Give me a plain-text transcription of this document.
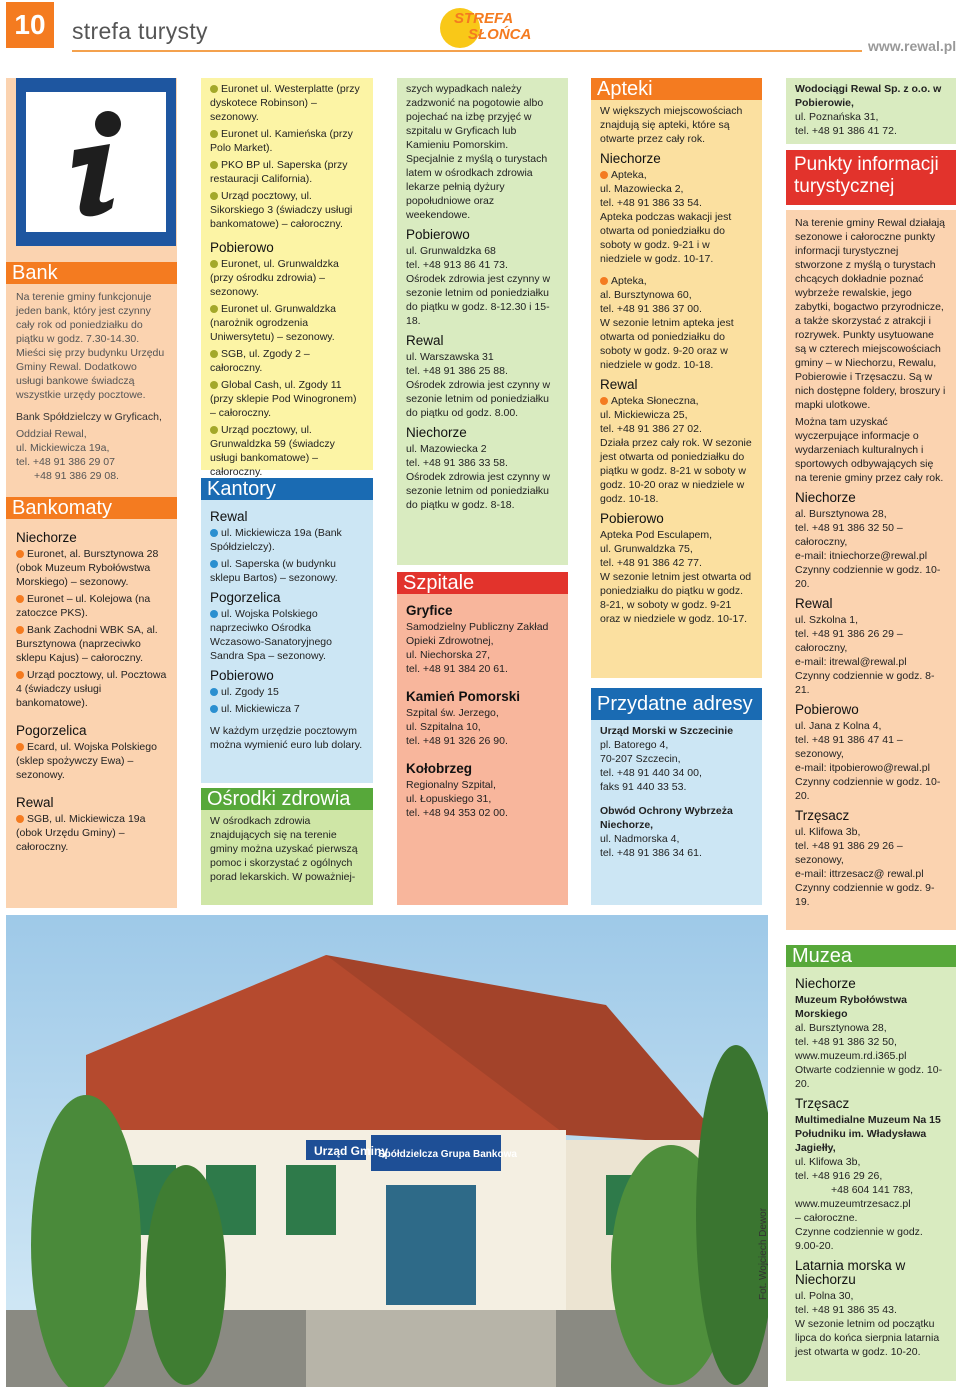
10	strefa turysty	STREFA
SŁOŃCA
www.rewal.pl
Bank

Na terenie gminy funkcjonuje jeden bank, który jest czynny cały rok od poniedziałku do piątku w godz. 7.30-14.30. Mieści się przy budynku Urzędu Gminy Rewal. Dodatkowo usługi bankowe świadczą wszystkie urzędy pocztowe.

Bank Spółdzielczy w Gryficach,

Oddział Rewal,
ul. Mickiewicza 19a,
tel. +48 91 386 29 07
+48 91 386 29 08.
Bankomaty
Niechorze

Euronet, al. Bursztynowa 28 (obok Muzeum Rybołówstwa Morskiego) – sezonowy.

Euronet – ul. Kolejowa (na zatoczce PKS).

Bank Zachodni WBK SA, al. Bursztynowa (naprzeciwko sklepu Kajus) – całoroczny.

Urząd pocztowy, ul. Pocztowa 4 (świadczy usługi bankomatowe).

Pogorzelica

Ecard, ul. Wojska Polskiego (sklep spożywczy Ewa) – sezonowy.

Rewal

SGB, ul. Mickiewicza 19a (obok Urzędu Gminy) – całoroczny.

Euronet ul. Westerplatte (przy dyskotece Robinson) – sezonowy.

Euronet ul. Kamieńska (przy Polo Market).

PKO BP ul. Saperska (przy restauracji California).

Urząd pocztowy, ul. Sikorskiego 3 (świadczy usługi bankomatowe) – całoroczny.

Pobierowo

Euronet, ul. Grunwaldzka (przy ośrodku zdrowia) – sezonowy.

Euronet ul. Grunwaldzka (narożnik ogrodzenia Uniwersytetu) – sezonowy.

SGB, ul. Zgody 2 – całoroczny.

Global Cash, ul. Zgody 11 (przy sklepie Pod Winogronem) – całoroczny.

Urząd pocztowy, ul. Grunwaldzka 59 (świadczy usługi bankomatowe) – całoroczny.

Kantory
Rewal

ul. Mickiewicza 19a (Bank Spółdzielczy).

ul. Saperska (w budynku sklepu Bartos) – sezonowy.

Pogorzelica

ul. Wojska Polskiego naprzeciwko Ośrodka Wczasowo-Sanatoryjnego Sandra Spa – sezonowy.

Pobierowo

ul. Zgody 15

ul. Mickiewicza 7

W każdym urzędzie pocztowym można wymienić euro lub dolary.

Ośrodki zdrowia

W ośrodkach zdrowia znajdujących się na terenie gminy można uzyskać pierwszą pomoc i skorzystać z ogólnych porad lekarskich. W poważniej-

szych wypadkach należy zadzwonić na pogotowie albo pojechać na izbę przyjęć w szpitalu w Gryficach lub Kamieniu Pomorskim. Specjalnie z myślą o turystach latem w ośrodkach zdrowia lekarze pełnią dyżury popołudniowe oraz weekendowe.

Pobierowo
ul. Grunwaldzka 68
tel. +48 913 86 41 73.

Ośrodek zdrowia jest czynny w sezonie letnim od poniedziałku do piątku w godz. 8-12.30 i 15-18.

Rewal
ul. Warszawska 31
tel. +48 91 386 25 88.

Ośrodek zdrowia jest czynny w sezonie letnim od poniedziałku do piątku od godz. 8.00.

Niechorze
ul. Mazowiecka 2
tel. +48 91 386 33 58.

Ośrodek zdrowia jest czynny w sezonie letnim od poniedziałku do piątku w godz. 8-18.

Szpitale
Gryfice
Samodzielny Publiczny Zakład Opieki Zdrowotnej,
ul. Niechorska 27,

tel. +48 91 384 20 61.

Kamień Pomorski
Szpital św. Jerzego,
ul. Szpitalna 10,

tel. +48 91 326 26 90.

Kołobrzeg
Regionalny Szpital,
ul. Łopuskiego 31,
tel. +48 94 353 02 00.
Apteki

W większych miejscowościach znajdują się apteki, które są otwarte przez cały rok.

Niechorze
Apteka,
ul. Mazowiecka 2,
tel. +48 91 386 33 54.

Apteka podczas wakacji jest otwarta od poniedziałku do soboty w godz. 9-21 i w niedziele w godz. 10-17.

Apteka,
al. Bursztynowa 60,
tel. +48 91 386 37 00.

W sezonie letnim apteka jest otwarta od poniedziałku do soboty w godz. 9-20 oraz w niedziele w godz. 10-18.

Rewal
Apteka Słoneczna,
ul. Mickiewicza 25,
tel. +48 91 386 27 02.

Działa przez cały rok. W sezonie jest otwarta od poniedziałku do piątku w godz. 8-21 w soboty w godz. 10-20 oraz w niedziele w godz. 10-18.

Pobierowo
Apteka Pod Esculapem,
ul. Grunwaldzka 75,
tel. +48 91 386 42 77.

W sezonie letnim jest otwarta od poniedziałku do piątku w godz. 8-21, w soboty w godz. 9-21 oraz w niedziele w godz. 10-17.

Przydatne adresy
Urząd Morski w Szczecinie
pl. Batorego 4,
70-207 Szczecin,
tel. +48 91 440 34 00,
faks 91 440 33 53.
Obwód Ochrony Wybrzeża Niechorze,
ul. Nadmorska 4,
tel. +48 91 386 34 61.
Wodociągi Rewal Sp. z o.o. w Pobierowie,
ul. Poznańska 31,
tel. +48 91 386 41 72.
Punkty informacji turystycznej

Na terenie gminy Rewal działają sezonowe i całoroczne punkty informacji turystycznej stworzone z myślą o turystach chcących dokładnie poznać wybrzeże rewalskie, jego zabytki, bogactwo przyrodnicze, a także skorzystać z atrakcji i rozrywek. Punkty usytuowane są w czterech miejscowościach gminy – w Niechorzu, Rewalu, Pobierowie i Trzęsaczu. Są w nich dostępne foldery, broszury i mapki ulotkowe.

Można tam uzyskać wyczerpujące informacje o wydarzeniach kulturalnych i sportowych odbywających się na terenie gminy przez cały rok.

Niechorze
al. Bursztynowa 28,
tel. +48 91 386 32 50 – całoroczny,
e-mail: itniechorze@rewal.pl

Czynny codziennie w godz. 10-20.

Rewal
ul. Szkolna 1,
tel. +48 91 386 26 29 – całoroczny,
e-mail: itrewal@rewal.pl

Czynny codziennie w godz. 8-21.

Pobierowo
ul. Jana z Kolna 4,
tel. +48 91 386 47 41 – sezonowy,
e-mail: itpobierowo@rewal.pl

Czynny codziennie w godz. 10-20.

Trzęsacz
ul. Klifowa 3b,
tel. +48 91 386 29 26 – sezonowy,
e-mail: ittrzesacz@ rewal.pl
Czynny codziennie w godz. 9-19.
Muzea
Niechorze
Muzeum Rybołówstwa Morskiego
al. Bursztynowa 28,
tel. +48 91 386 32 50,
www.muzeum.rd.i365.pl

Otwarte codziennie w godz. 10-20.

Trzęsacz
Multimedialne Muzeum Na 15 Południku im. Władysława Jagiełły,
ul. Klifowa 3b,
tel. +48 916 29 26,
+48 604 141 783,
www.muzeumtrzesacz.pl
– całoroczne.

Czynne codziennie w godz. 9.00-20.

Latarnia morska w Niechorzu
ul. Polna 30,
tel. +48 91 386 35 43.
W sezonie letnim od początku lipca do końca sierpnia latarnia jest otwarta w godz. 10-20.
Urząd Gminy
Spółdzielcza Grupa Bankowa
Fot. Wojciech Dewor
